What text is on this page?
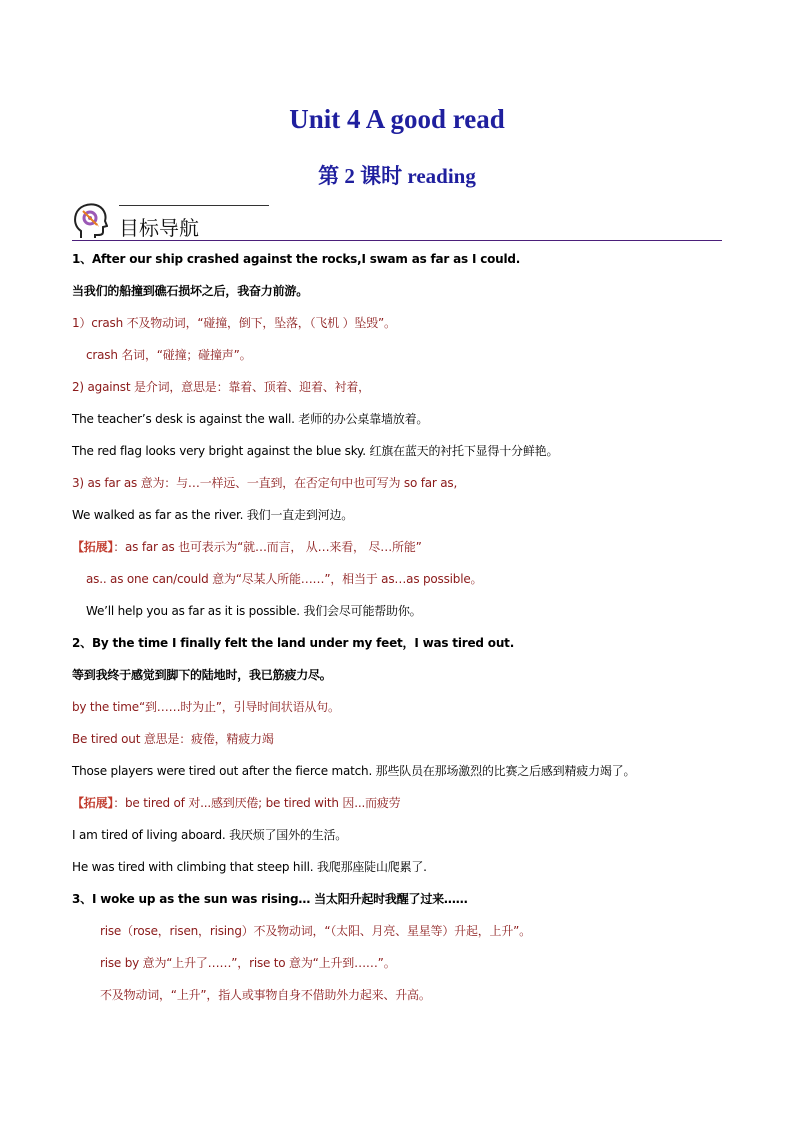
Unit 4 A good read
第 2 课时 reading
目标导航
1、After our ship crashed against the rocks,I swam as far as I could.
当我们的船撞到礁石损坏之后，我奋力前游。
1）crash 不及物动词，“碰撞，倒下，坠落，（飞机 ）坠毁”。
crash 名词，“碰撞；碰撞声”。
2) against 是介词，意思是：靠着、顶着、迎着、衬着，
The teacher’s desk is against the wall. 老师的办公桌靠墙放着。
The red flag looks very bright against the blue sky. 红旗在蓝天的衬托下显得十分鲜艳。
3) as far as 意为：与…一样远、一直到，在否定句中也可写为 so far as,
We walked as far as the river. 我们一直走到河边。
【拓展】：as far as 也可表示为“就…而言， 从…来看， 尽…所能”
as.. as one can/could 意为“尽某人所能……”，相当于 as…as possible。
We’ll help you as far as it is possible. 我们会尽可能帮助你。
2、By the time I finally felt the land under my feet，I was tired out.
等到我终于感觉到脚下的陆地时，我已筋疲力尽。
by the time“到……时为止”，引导时间状语从句。
Be tired out 意思是：疲倦，精疲力竭
Those players were tired out after the fierce match. 那些队员在那场激烈的比赛之后感到精疲力竭了。
【拓展】：be tired of 对...感到厌倦; be tired with 因...而疲劳
I am tired of living aboard. 我厌烦了国外的生活。
He was tired with climbing that steep hill. 我爬那座陡山爬累了.
3、I woke up as the sun was rising… 当太阳升起时我醒了过来……
rise（rose，risen，rising）不及物动词，“（太阳、月亮、星星等）升起，上升”。
rise by 意为“上升了……”，rise to 意为“上升到……”。
不及物动词，“上升”，指人或事物自身不借助外力起来、升高。
